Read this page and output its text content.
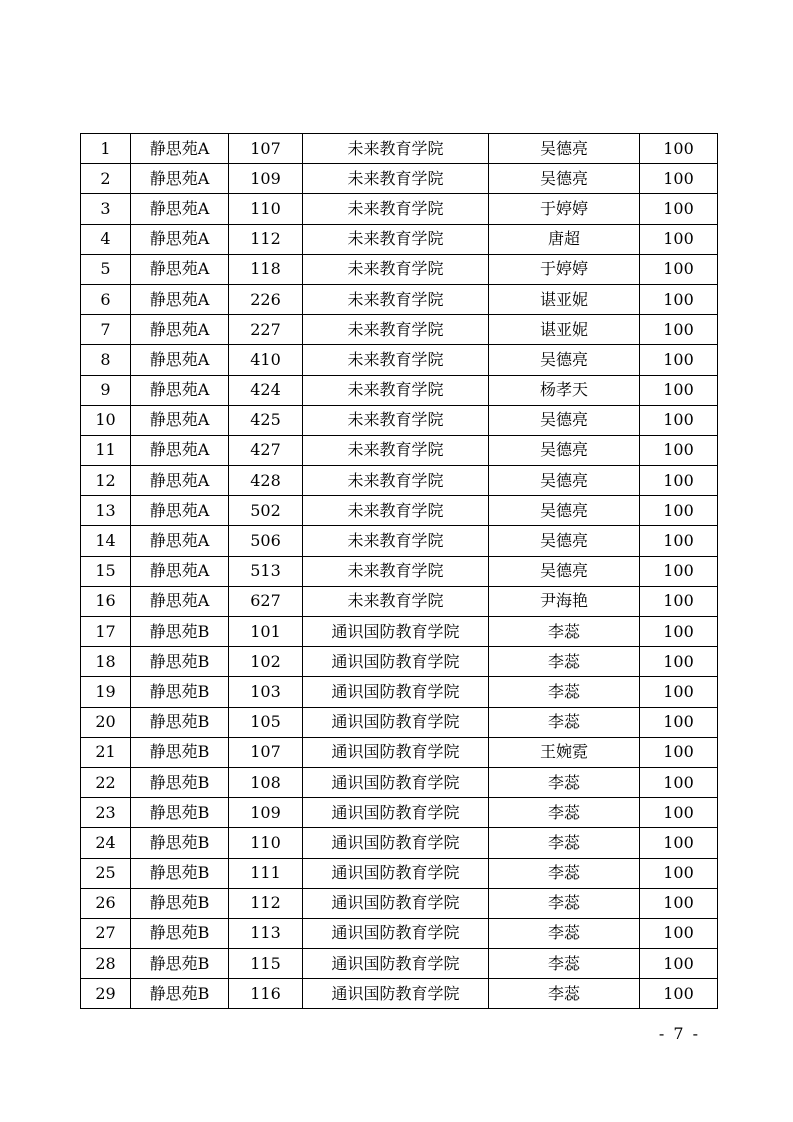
1	静思苑A	107	未来教育学院	吴德亮	100
2	静思苑A	109	未来教育学院	吴德亮	100
3	静思苑A	110	未来教育学院	于婷婷	100
4	静思苑A	112	未来教育学院	唐超	100
5	静思苑A	118	未来教育学院	于婷婷	100
6	静思苑A	226	未来教育学院	谌亚妮	100
7	静思苑A	227	未来教育学院	谌亚妮	100
8	静思苑A	410	未来教育学院	吴德亮	100
9	静思苑A	424	未来教育学院	杨孝天	100
10	静思苑A	425	未来教育学院	吴德亮	100
11	静思苑A	427	未来教育学院	吴德亮	100
12	静思苑A	428	未来教育学院	吴德亮	100
13	静思苑A	502	未来教育学院	吴德亮	100
14	静思苑A	506	未来教育学院	吴德亮	100
15	静思苑A	513	未来教育学院	吴德亮	100
16	静思苑A	627	未来教育学院	尹海艳	100
17	静思苑B	101	通识国防教育学院	李蕊	100
18	静思苑B	102	通识国防教育学院	李蕊	100
19	静思苑B	103	通识国防教育学院	李蕊	100
20	静思苑B	105	通识国防教育学院	李蕊	100
21	静思苑B	107	通识国防教育学院	王婉霓	100
22	静思苑B	108	通识国防教育学院	李蕊	100
23	静思苑B	109	通识国防教育学院	李蕊	100
24	静思苑B	110	通识国防教育学院	李蕊	100
25	静思苑B	111	通识国防教育学院	李蕊	100
26	静思苑B	112	通识国防教育学院	李蕊	100
27	静思苑B	113	通识国防教育学院	李蕊	100
28	静思苑B	115	通识国防教育学院	李蕊	100
29	静思苑B	116	通识国防教育学院	李蕊	100
- 7 -
